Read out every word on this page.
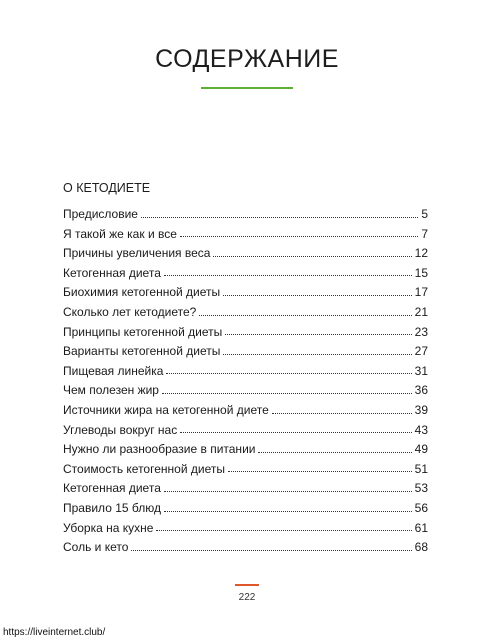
СОДЕРЖАНИЕ
О КЕТОДИЕТЕ
Предисловие	5
Я такой же как и все	7
Причины увеличения веса	12
Кетогенная диета	15
Биохимия кетогенной диеты	17
Сколько лет кетодиете?	21
Принципы кетогенной диеты	23
Варианты кетогенной диеты	27
Пищевая линейка	31
Чем полезен жир	36
Источники жира на кетогенной диете	39
Углеводы вокруг нас	43
Нужно ли разнообразие в питании	49
Стоимость кетогенной диеты	51
Кетогенная диета	53
Правило 15 блюд	56
Уборка на кухне	61
Соль и кето	68
222
https://liveinternet.club/
